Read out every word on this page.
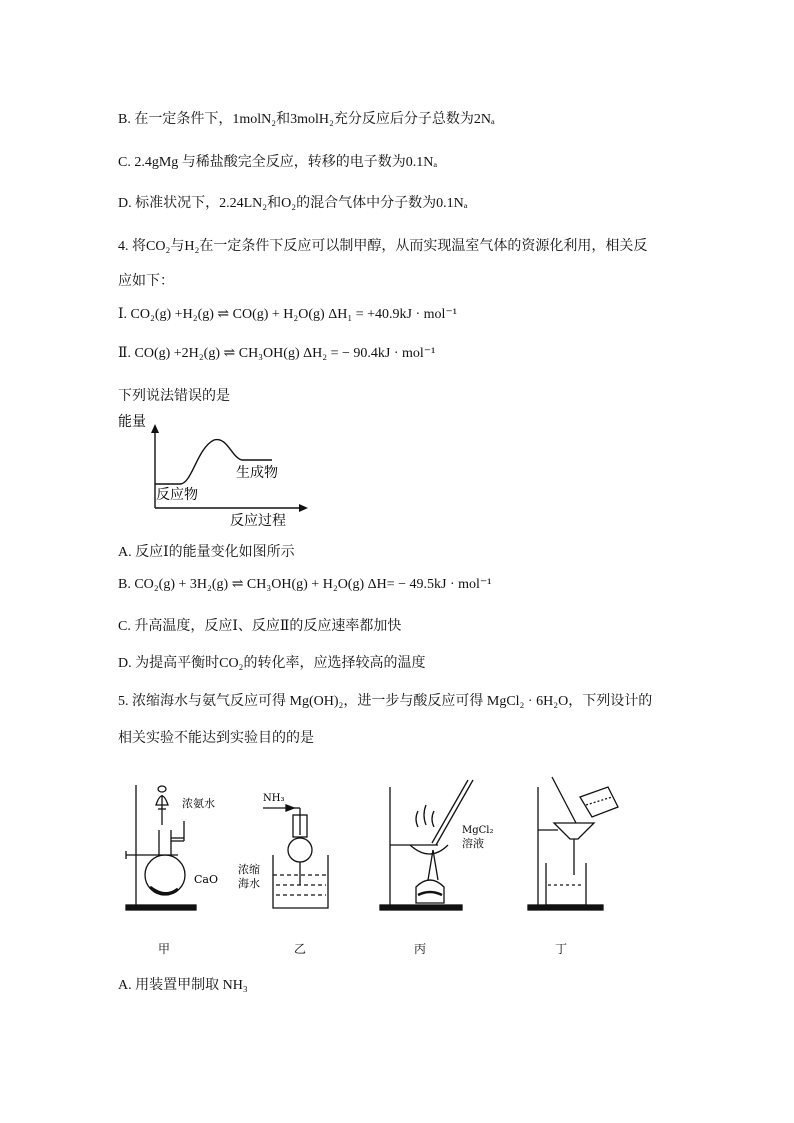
B. 在一定条件下，1molN₂和3molH₂充分反应后分子总数为2Nₐ
C. 2.4gMg 与稀盐酸完全反应，转移的电子数为0.1Nₐ
D. 标准状况下，2.24LN₂和O₂的混合气体中分子数为0.1Nₐ
4. 将CO₂与H₂在一定条件下反应可以制甲醇，从而实现温室气体的资源化利用，相关反
应如下：
Ⅰ. CO₂(g) +H₂(g) ⇌ CO(g) + H₂O(g) ΔH₁ = +40.9kJ · mol⁻¹
Ⅱ. CO(g) +2H₂(g) ⇌ CH₃OH(g) ΔH₂ = − 90.4kJ · mol⁻¹
下列说法错误的是
能量
反应物
生成物
反应过程
A. 反应Ⅰ的能量变化如图所示
B. CO₂(g) + 3H₂(g) ⇌ CH₃OH(g) + H₂O(g) ΔH= − 49.5kJ · mol⁻¹
C. 升高温度，反应Ⅰ、反应Ⅱ的反应速率都加快
D. 为提高平衡时CO₂的转化率，应选择较高的温度
5. 浓缩海水与氨气反应可得 Mg(OH)₂，进一步与酸反应可得 MgCl₂ · 6H₂O，下列设计的
相关实验不能达到实验目的的是
浓氨水
CaO
NH₃
浓缩
海水
MgCl₂
溶液
甲	乙	丙	丁
A. 用装置甲制取 NH₃
